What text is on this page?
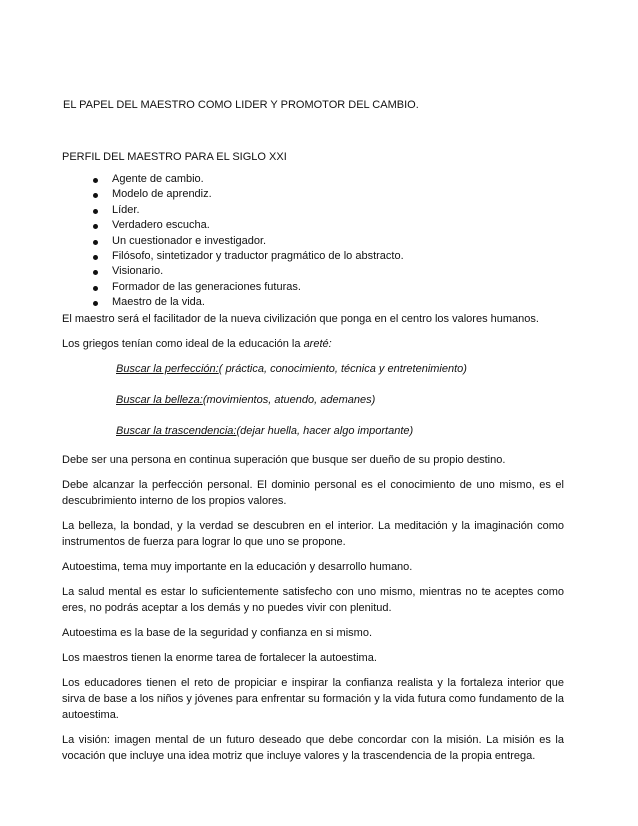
EL PAPEL DEL MAESTRO COMO LIDER Y PROMOTOR DEL CAMBIO.
PERFIL DEL MAESTRO PARA EL SIGLO XXI
Agente de cambio.
Modelo de aprendiz.
Líder.
Verdadero escucha.
Un cuestionador e investigador.
Filósofo, sintetizador y traductor pragmático de lo abstracto.
Visionario.
Formador de las generaciones futuras.
Maestro de la vida.

El maestro será el facilitador de la nueva civilización que ponga en el centro los valores humanos.

Los griegos tenían como ideal de la educación la areté:

Buscar la perfección:( práctica, conocimiento, técnica y entretenimiento)

Buscar la belleza:(movimientos, atuendo, ademanes)

Buscar la trascendencia:(dejar huella, hacer algo importante)

Debe ser una persona en continua superación que busque ser dueño de su propio destino.

Debe alcanzar la perfección personal. El dominio personal es el conocimiento de uno mismo, es el descubrimiento interno de los propios valores.

La belleza, la bondad, y la verdad se descubren en el interior. La meditación y la imaginación como instrumentos de fuerza para lograr lo que uno se propone.

Autoestima, tema muy importante en la educación y desarrollo humano.

La salud mental es estar lo suficientemente satisfecho con uno mismo, mientras no te aceptes como eres, no podrás aceptar a los demás y no puedes vivir con plenitud.

Autoestima es la base de la seguridad y confianza en si mismo.

Los maestros tienen la enorme tarea de fortalecer la autoestima.

Los educadores tienen el reto de propiciar e inspirar la confianza realista y la fortaleza interior que sirva de base a los niños y jóvenes para enfrentar su formación y la vida futura como fundamento de la autoestima.

La visión: imagen mental de un futuro deseado que debe concordar con la misión. La misión es la vocación que incluye una idea motriz que incluye valores y la trascendencia de la propia entrega.
